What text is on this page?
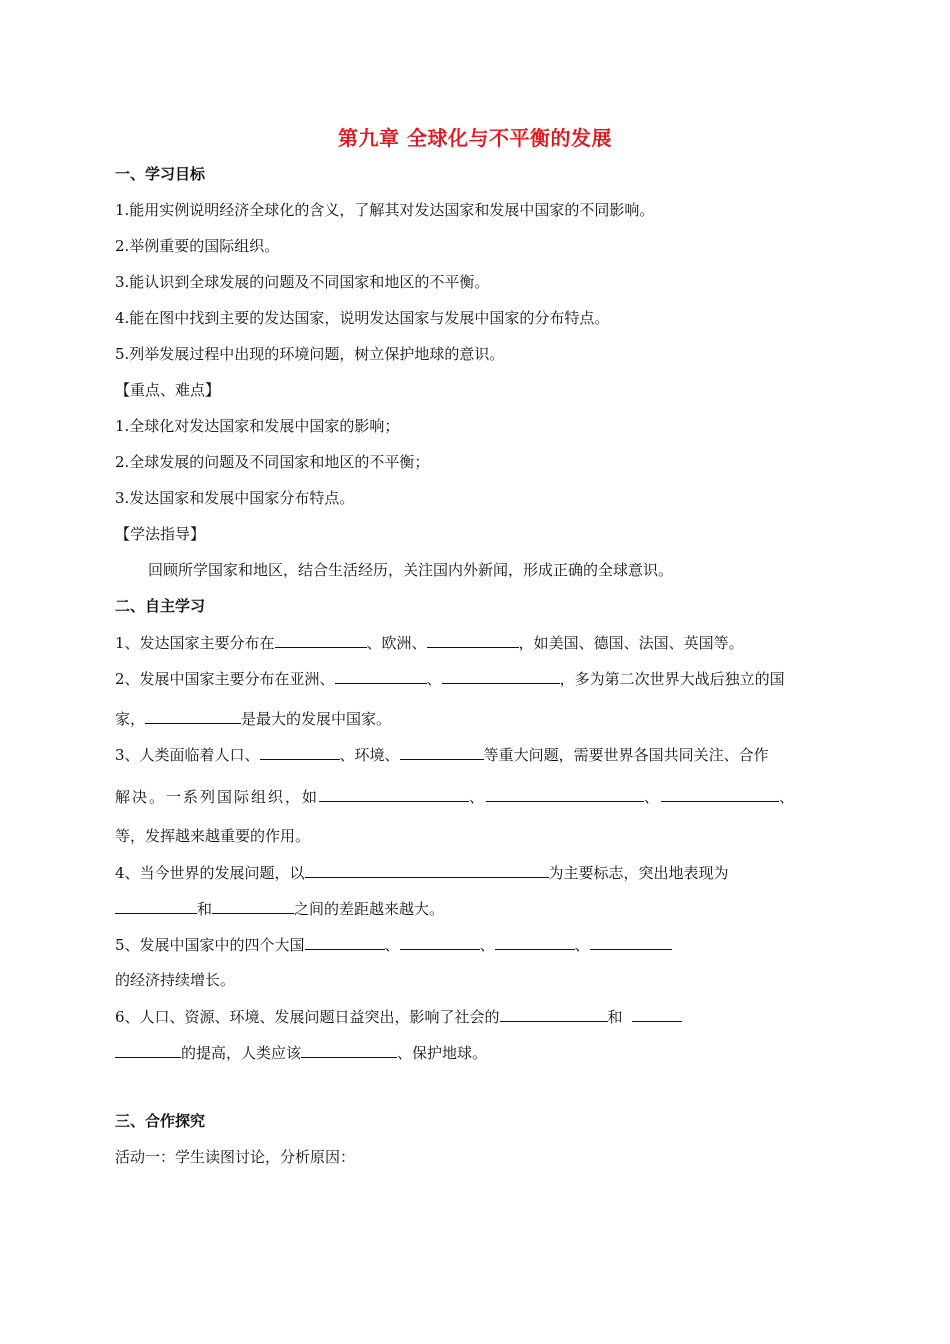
第九章 全球化与不平衡的发展
一、学习目标
1.能用实例说明经济全球化的含义，了解其对发达国家和发展中国家的不同影响。
2.举例重要的国际组织。
3.能认识到全球发展的问题及不同国家和地区的不平衡。
4.能在图中找到主要的发达国家，说明发达国家与发展中国家的分布特点。
5.列举发展过程中出现的环境问题，树立保护地球的意识。
【重点、难点】
1.全球化对发达国家和发展中国家的影响；
2.全球发展的问题及不同国家和地区的不平衡；
3.发达国家和发展中国家分布特点。
【学法指导】
回顾所学国家和地区，结合生活经历，关注国内外新闻，形成正确的全球意识。
二、自主学习
1、发达国家主要分布在	、欧洲、	，如美国、德国、法国、英国等。
2、发展中国家主要分布在亚洲、	、	，多为第二次世界大战后独立的国
家，	是最大的发展中国家。
3、人类面临着人口、	、环境、	等重大问题，需要世界各国共同关注、合作
解决。一系列国际组织，如	、	、	、
等，发挥越来越重要的作用。
4、当今世界的发展问题，以	为主要标志，突出地表现为
和	之间的差距越来越大。
5、发展中国家中的四个大国	、	、	、
的经济持续增长。
6、人口、资源、环境、发展问题日益突出，影响了社会的	和
的提高，人类应该	、保护地球。
三、合作探究
活动一：学生读图讨论，分析原因：
